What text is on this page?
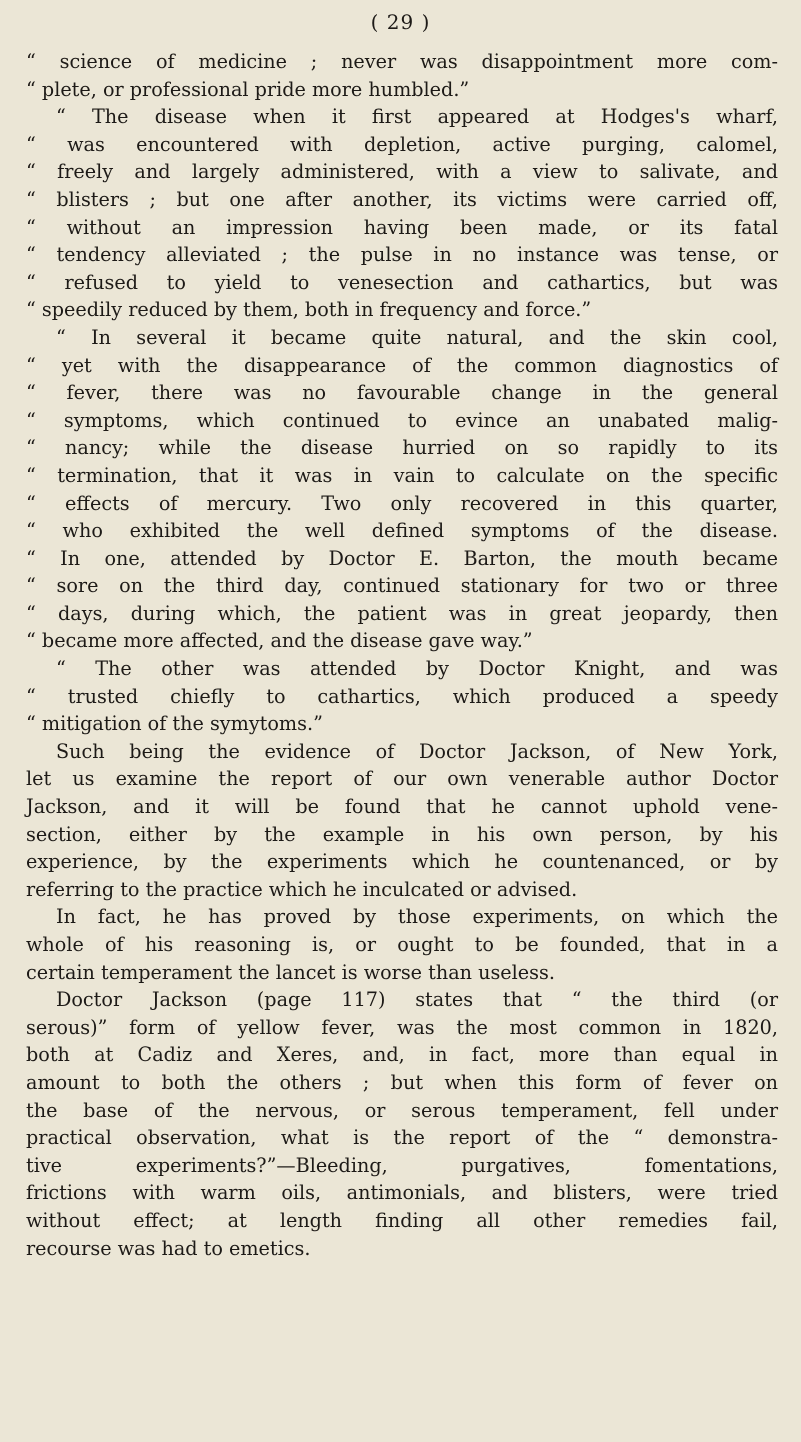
( 29 )
“ science of medicine ; never was disappointment more com-
“ plete, or professional pride more humbled.”
“ The disease when it first appeared at Hodges's wharf,
“ was encountered with depletion, active purging, calomel,
“ freely and largely administered, with a view to salivate, and
“ blisters ; but one after another, its victims were carried off,
“ without an impression having been made, or its fatal
“ tendency alleviated ; the pulse in no instance was tense, or
“ refused to yield to venesection and cathartics, but was
“ speedily reduced by them, both in frequency and force.”
“ In several it became quite natural, and the skin cool,
“ yet with the disappearance of the common diagnostics of
“ fever, there was no favourable change in the general
“ symptoms, which continued to evince an unabated malig-
“ nancy; while the disease hurried on so rapidly to its
“ termination, that it was in vain to calculate on the specific
“ effects of mercury. Two only recovered in this quarter,
“ who exhibited the well defined symptoms of the disease.
“ In one, attended by Doctor E. Barton, the mouth became
“ sore on the third day, continued stationary for two or three
“ days, during which, the patient was in great jeopardy, then
“ became more affected, and the disease gave way.”
“ The other was attended by Doctor Knight, and was
“ trusted chiefly to cathartics, which produced a speedy
“ mitigation of the symytoms.”
Such being the evidence of Doctor Jackson, of New York,
let us examine the report of our own venerable author Doctor
Jackson, and it will be found that he cannot uphold vene-
section, either by the example in his own person, by his
experience, by the experiments which he countenanced, or by
referring to the practice which he inculcated or advised.
In fact, he has proved by those experiments, on which the
whole of his reasoning is, or ought to be founded, that in a
certain temperament the lancet is worse than useless.
Doctor Jackson (page 117) states that “ the third (or
serous)” form of yellow fever, was the most common in 1820,
both at Cadiz and Xeres, and, in fact, more than equal in
amount to both the others ; but when this form of fever on
the base of the nervous, or serous temperament, fell under
practical observation, what is the report of the “ demonstra-
tive experiments?”—Bleeding, purgatives, fomentations,
frictions with warm oils, antimonials, and blisters, were tried
without effect; at length finding all other remedies fail,
recourse was had to emetics.
